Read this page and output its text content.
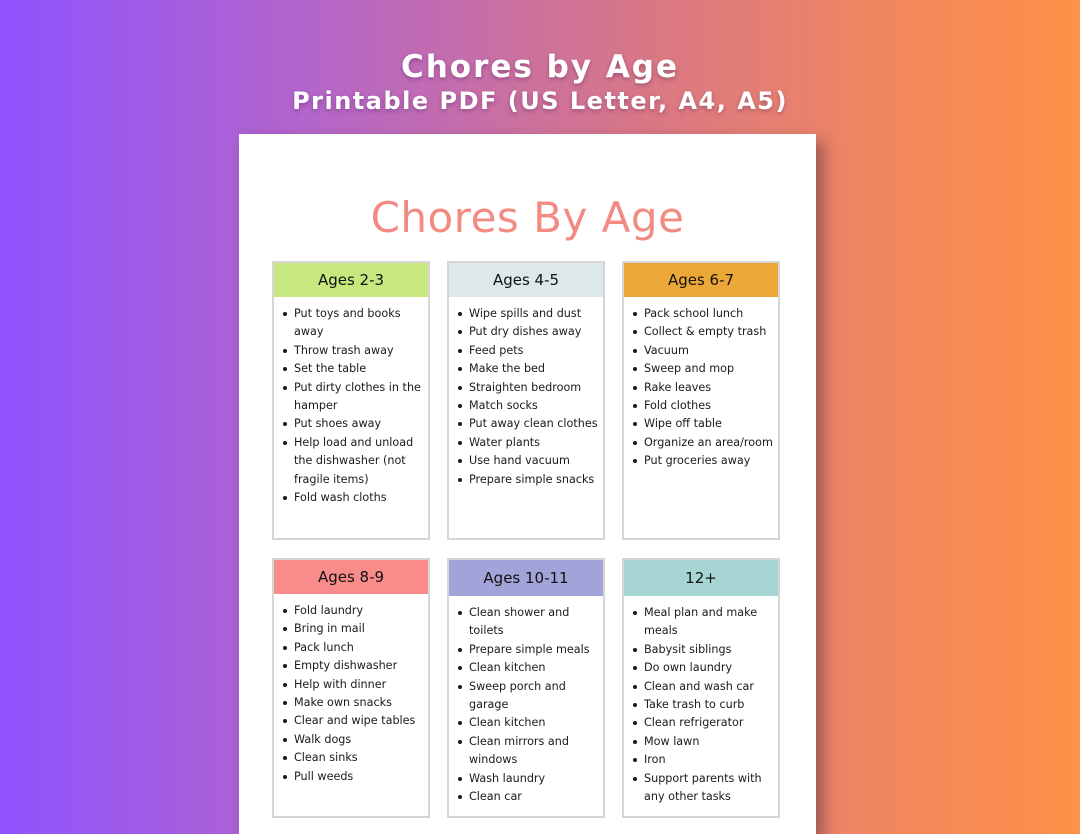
Chores by Age
Printable PDF (US Letter, A4, A5)
Chores By Age
Ages 2-3
Put toys and books away
Throw trash away
Set the table
Put dirty clothes in the hamper
Put shoes away
Help load and unload the dishwasher (not fragile items)
Fold wash cloths
Ages 4-5
Wipe spills and dust
Put dry dishes away
Feed pets
Make the bed
Straighten bedroom
Match socks
Put away clean clothes
Water plants
Use hand vacuum
Prepare simple snacks
Ages 6-7
Pack school lunch
Collect & empty trash
Vacuum
Sweep and mop
Rake leaves
Fold clothes
Wipe off table
Organize an area/room
Put groceries away
Ages 8-9
Fold laundry
Bring in mail
Pack lunch
Empty dishwasher
Help with dinner
Make own snacks
Clear and wipe tables
Walk dogs
Clean sinks
Pull weeds
Ages 10-11
Clean shower and toilets
Prepare simple meals
Clean kitchen
Sweep porch and garage
Clean kitchen
Clean mirrors and windows
Wash laundry
Clean car
12+
Meal plan and make meals
Babysit siblings
Do own laundry
Clean and wash car
Take trash to curb
Clean refrigerator
Mow lawn
Iron
Support parents with any other tasks
